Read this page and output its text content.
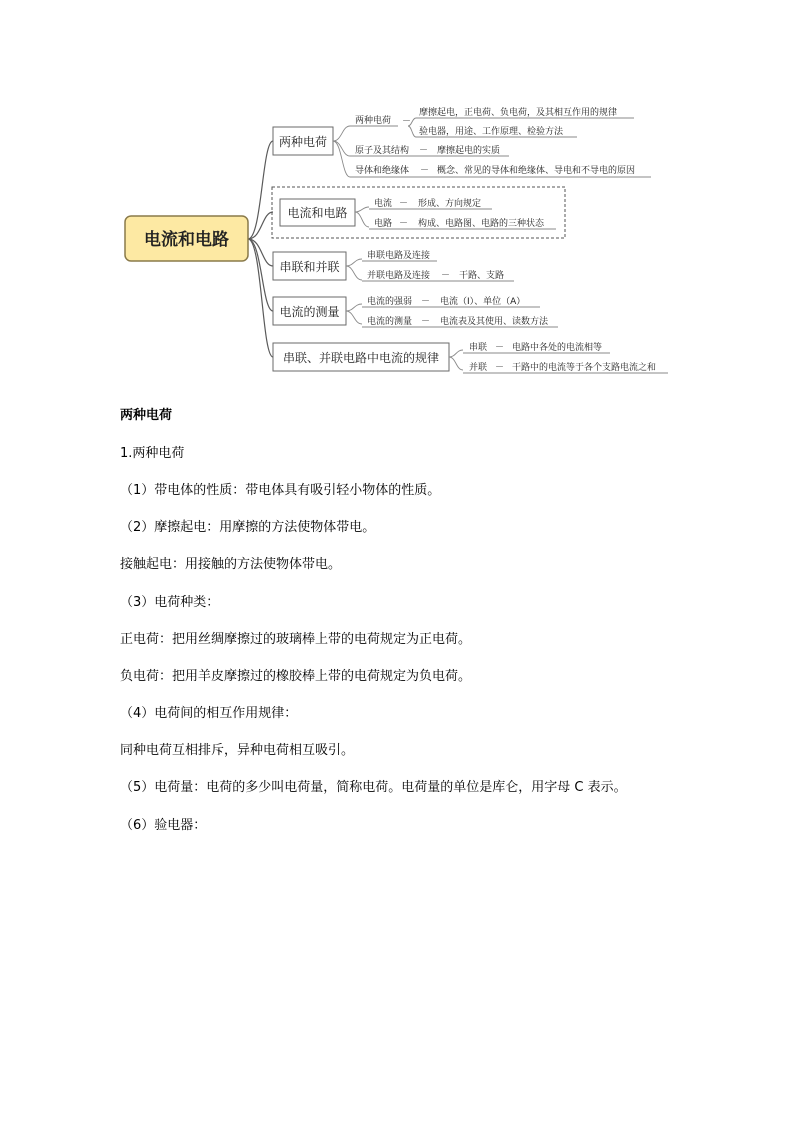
电流和电路
两种电荷
电流和电路
串联和并联
电流的测量
串联、并联电路中电流的规律
两种电荷 －
摩擦起电，正电荷、负电荷，及其相互作用的规律
验电器，用途、工作原理、检验方法
原子及其结构 － 摩擦起电的实质
导体和绝缘体 － 概念、常见的导体和绝缘体、导电和不导电的原因
电流 － 形成、方向规定
电路 － 构成、电路图、电路的三种状态
串联电路及连接
并联电路及连接 － 干路、支路
电流的强弱 － 电流（I）、单位（A）
电流的测量 － 电流表及其使用、读数方法
串联 － 电路中各处的电流相等
并联 － 干路中的电流等于各个支路电流之和
两种电荷
1.两种电荷
（1）带电体的性质：带电体具有吸引轻小物体的性质。
（2）摩擦起电：用摩擦的方法使物体带电。
接触起电：用接触的方法使物体带电。
（3）电荷种类：
正电荷：把用丝绸摩擦过的玻璃棒上带的电荷规定为正电荷。
负电荷：把用羊皮摩擦过的橡胶棒上带的电荷规定为负电荷。
（4）电荷间的相互作用规律：
同种电荷互相排斥，异种电荷相互吸引。
（5）电荷量：电荷的多少叫电荷量，简称电荷。电荷量的单位是库仑，用字母 C 表示。
（6）验电器：
